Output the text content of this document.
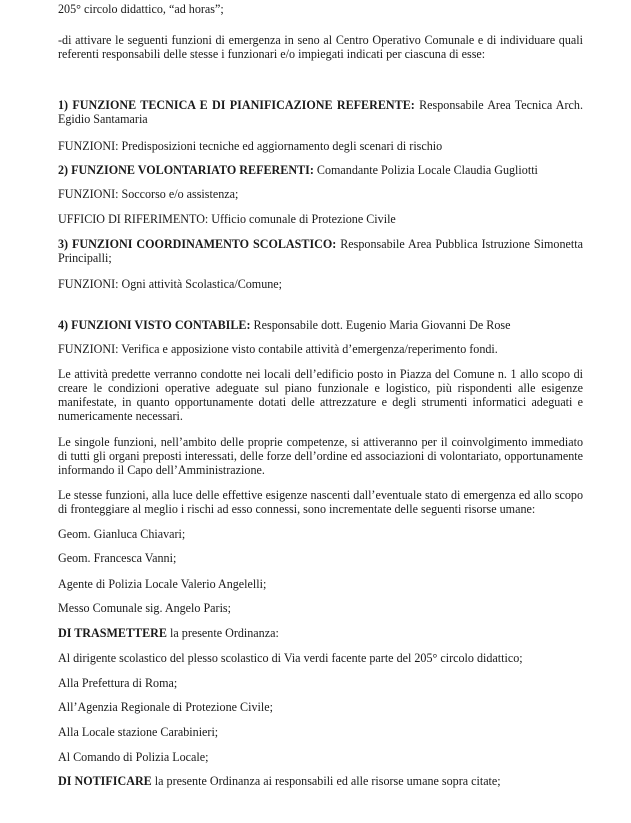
205° circolo didattico, “ad horas”;

-di attivare le seguenti funzioni di emergenza in seno al Centro Operativo Comunale e di individuare quali referenti responsabili delle stesse i funzionari e/o impiegati indicati per ciascuna di esse:

1) FUNZIONE TECNICA E DI PIANIFICAZIONE REFERENTE: Responsabile Area Tecnica Arch. Egidio Santamaria

FUNZIONI: Predisposizioni tecniche ed aggiornamento degli scenari di rischio

2) FUNZIONE VOLONTARIATO REFERENTI: Comandante Polizia Locale Claudia Gugliotti

FUNZIONI: Soccorso e/o assistenza;

UFFICIO DI RIFERIMENTO: Ufficio comunale di Protezione Civile

3) FUNZIONI COORDINAMENTO SCOLASTICO: Responsabile Area Pubblica Istruzione Simonetta Principalli;

FUNZIONI: Ogni attività Scolastica/Comune;

4) FUNZIONI VISTO CONTABILE: Responsabile dott. Eugenio Maria Giovanni De Rose

FUNZIONI: Verifica e apposizione visto contabile attività d’emergenza/reperimento fondi.

Le attività predette verranno condotte nei locali dell’edificio posto in Piazza del Comune n. 1 allo scopo di creare le condizioni operative adeguate sul piano funzionale e logistico, più rispondenti alle esigenze manifestate, in quanto opportunamente dotati delle attrezzature e degli strumenti informatici adeguati e numericamente necessari.

Le singole funzioni, nell’ambito delle proprie competenze, si attiveranno per il coinvolgimento immediato di tutti gli organi preposti interessati, delle forze dell’ordine ed associazioni di volontariato, opportunamente informando il Capo dell’Amministrazione.

Le stesse funzioni, alla luce delle effettive esigenze nascenti dall’eventuale stato di emergenza ed allo scopo di fronteggiare al meglio i rischi ad esso connessi, sono incrementate delle seguenti risorse umane:

Geom. Gianluca Chiavari;

Geom. Francesca Vanni;

Agente di Polizia Locale Valerio Angelelli;

Messo Comunale sig. Angelo Paris;

DI TRASMETTERE la presente Ordinanza:

Al dirigente scolastico del plesso scolastico di Via verdi facente parte del 205° circolo didattico;

Alla Prefettura di Roma;

All’Agenzia Regionale di Protezione Civile;

Alla Locale stazione Carabinieri;

Al Comando di Polizia Locale;

DI NOTIFICARE la presente Ordinanza ai responsabili ed alle risorse umane sopra citate;
